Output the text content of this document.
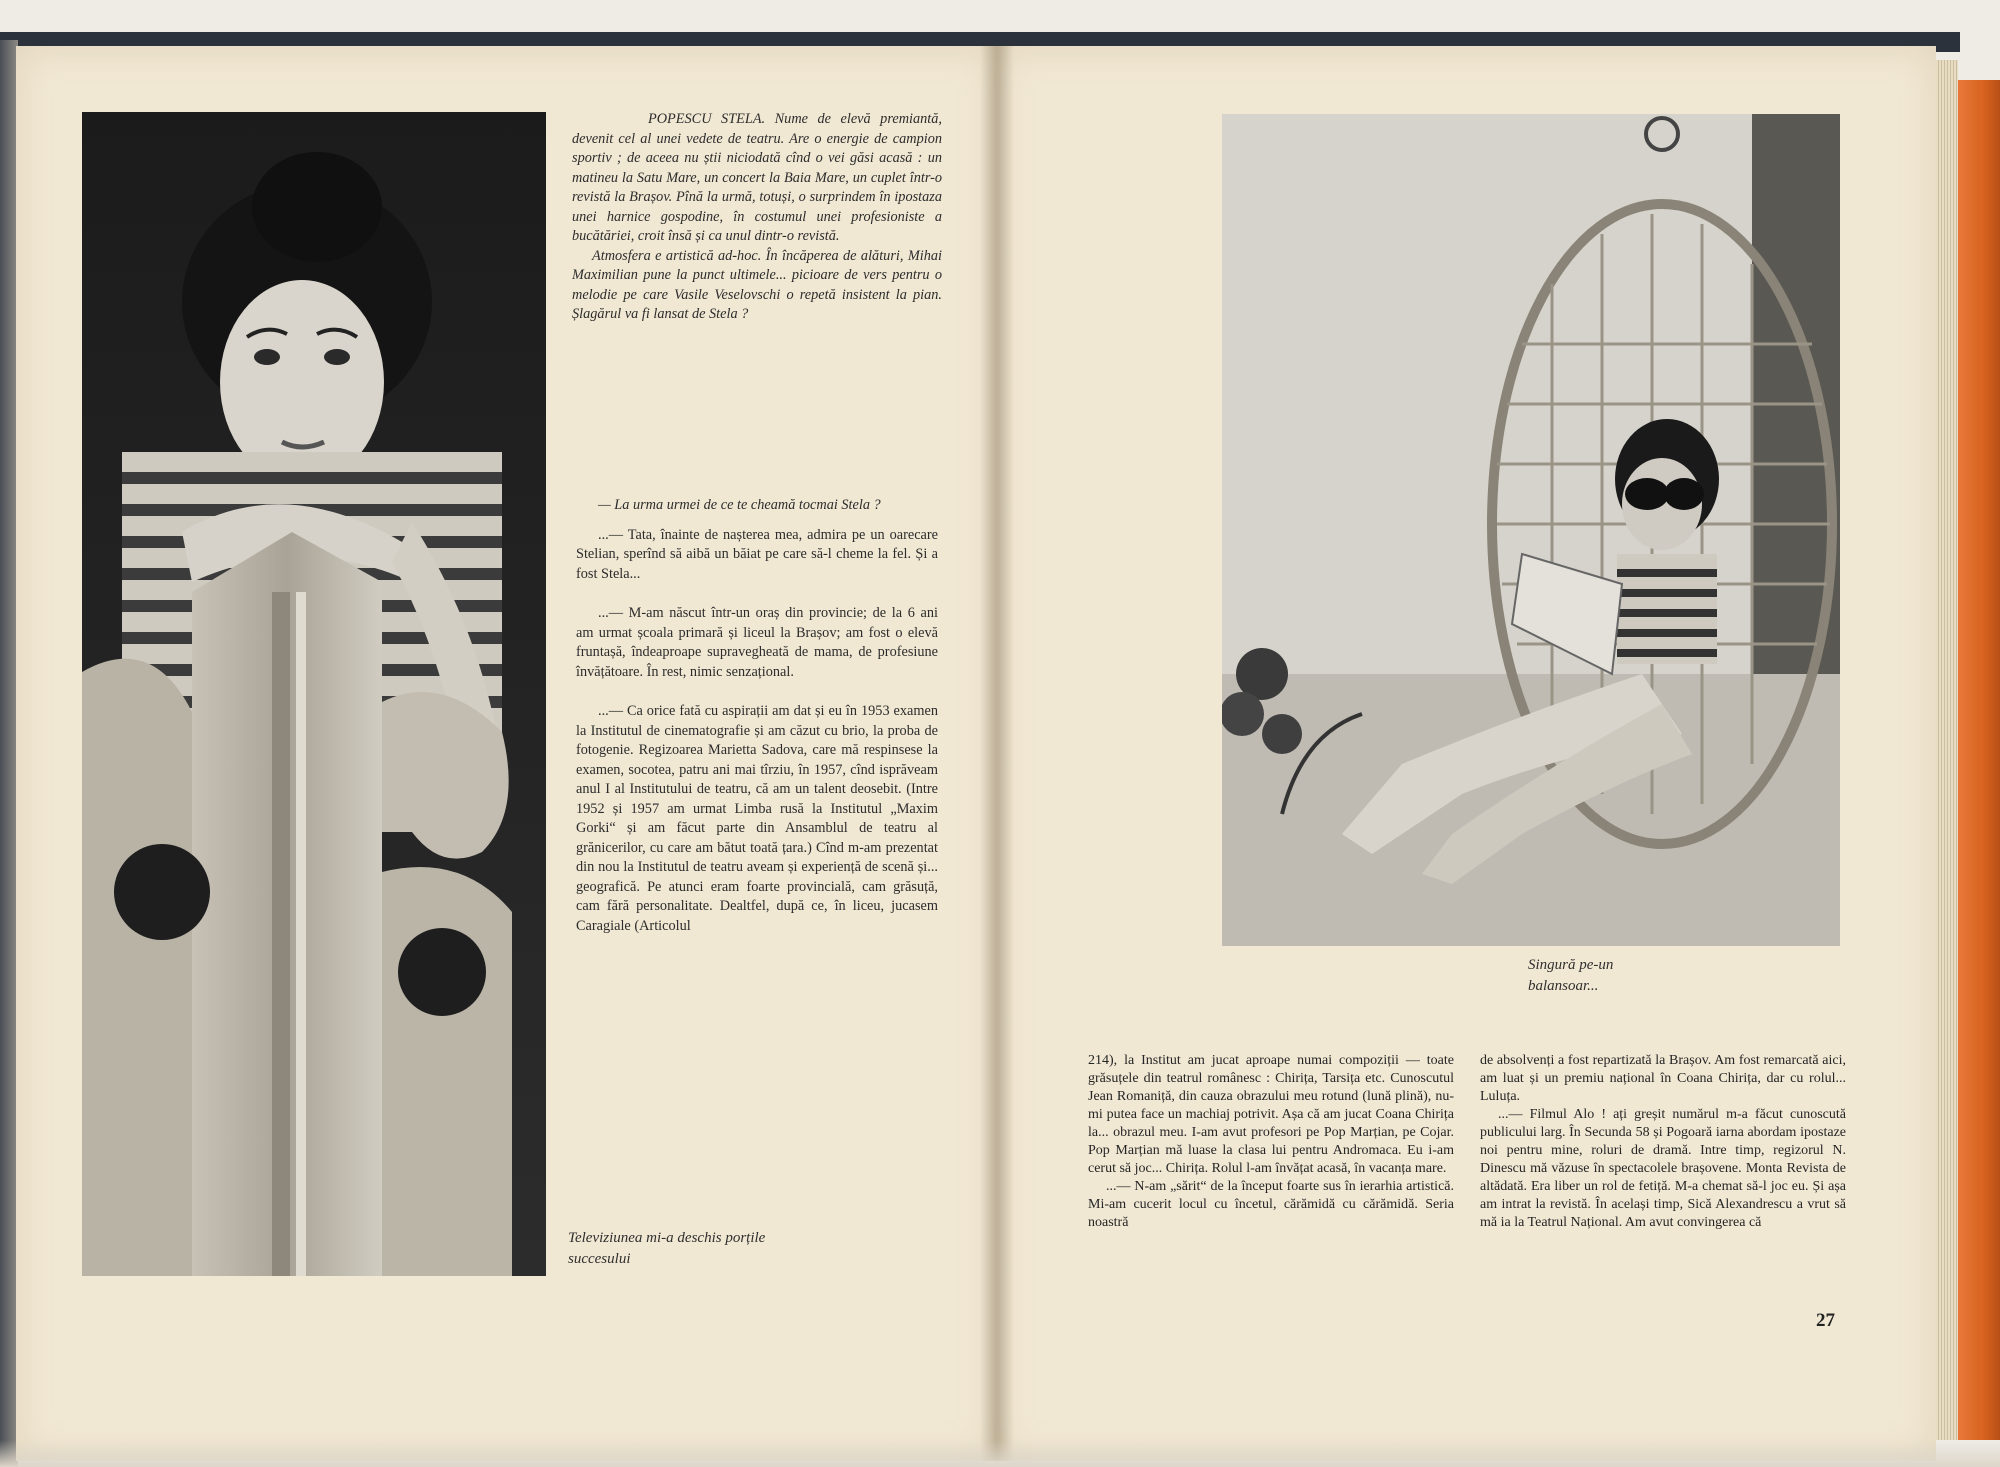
POPESCU STELA. Nume de elevă premiantă, devenit cel al unei vedete de teatru. Are o energie de campion sportiv ; de aceea nu știi niciodată cînd o vei găsi acasă : un matineu la Satu Mare, un concert la Baia Mare, un cuplet într-o revistă la Brașov. Pînă la urmă, totuși, o surprindem în ipostaza unei harnice gospodine, în costumul unei profesioniste a bucătăriei, croit însă și ca unul dintr-o revistă.

Atmosfera e artistică ad-hoc. În încăperea de alături, Mihai Maximilian pune la punct ultimele... picioare de vers pentru o melodie pe care Vasile Veselovschi o repetă insistent la pian. Șlagărul va fi lansat de Stela ?

— La urma urmei de ce te cheamă tocmai Stela ?

...— Tata, înainte de nașterea mea, admira pe un oarecare Stelian, sperînd să aibă un băiat pe care să-l cheme la fel. Și a fost Stela...

...— M-am născut într-un oraș din provincie; de la 6 ani am urmat școala primară și liceul la Brașov; am fost o elevă fruntașă, îndeaproape supravegheată de mama, de profesiune învățătoare. În rest, nimic senzațional.

...— Ca orice fată cu aspirații am dat și eu în 1953 examen la Institutul de cinematografie și am căzut cu brio, la proba de fotogenie. Regizoarea Marietta Sadova, care mă respinsese la examen, socotea, patru ani mai tîrziu, în 1957, cînd isprăveam anul I al Institutului de teatru, că am un talent deosebit. (Intre 1952 și 1957 am urmat Limba rusă la Institutul „Maxim Gorki“ și am făcut parte din Ansamblul de teatru al grănicerilor, cu care am bătut toată țara.) Cînd m-am prezentat din nou la Institutul de teatru aveam și experiență de scenă și... geografică. Pe atunci eram foarte provincială, cam grăsuță, cam fără personalitate. Dealtfel, după ce, în liceu, jucasem Caragiale (Articolul

Televiziunea mi-a deschis porțile succesului
Singură pe-un balansoar...

214), la Institut am jucat aproape numai compoziții — toate grăsuțele din teatrul românesc : Chirița, Tarsița etc. Cunoscutul Jean Romaniță, din cauza obrazului meu rotund (lună plină), nu-mi putea face un machiaj potrivit. Așa că am jucat Coana Chirița la... obrazul meu. I-am avut profesori pe Pop Marțian, pe Cojar. Pop Marțian mă luase la clasa lui pentru Andromaca. Eu i-am cerut să joc... Chirița. Rolul l-am învățat acasă, în vacanța mare.

...— N-am „sărit“ de la început foarte sus în ierarhia artistică. Mi-am cucerit locul cu încetul, cărămidă cu cărămidă. Seria noastră

de absolvenți a fost repartizată la Brașov. Am fost remarcată aici, am luat și un premiu național în Coana Chirița, dar cu rolul... Luluța.

...— Filmul Alo ! ați greșit numărul m-a făcut cunoscută publicului larg. În Secunda 58 și Pogoară iarna abordam ipostaze noi pentru mine, roluri de dramă. Intre timp, regizorul N. Dinescu mă văzuse în spectacolele brașovene. Monta Revista de altădată. Era liber un rol de fetiță. M-a chemat să-l joc eu. Și așa am intrat la revistă. În același timp, Sică Alexandrescu a vrut să mă ia la Teatrul Național. Am avut convingerea că

27
